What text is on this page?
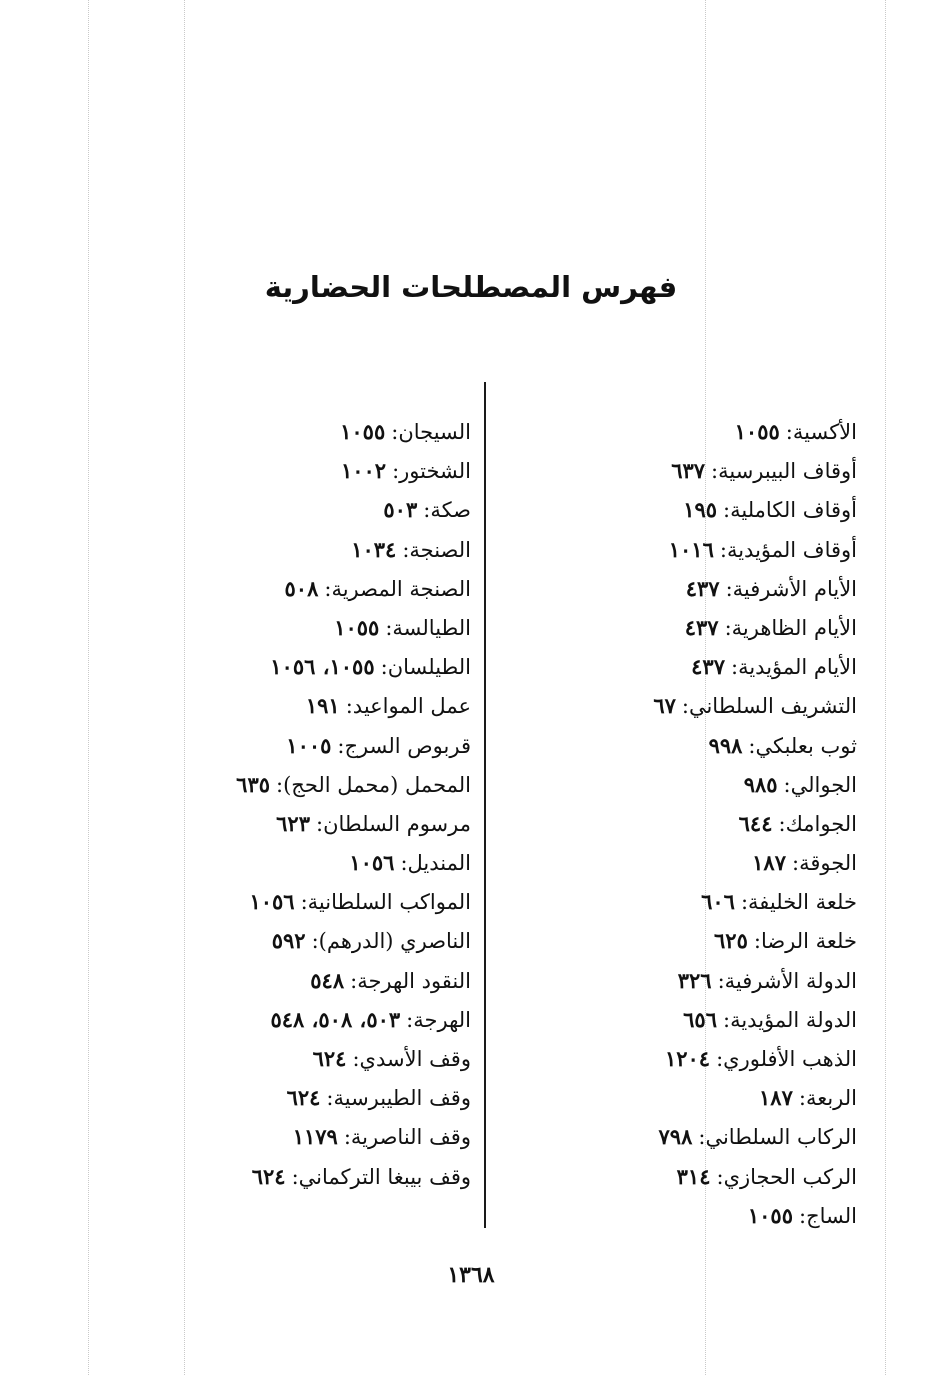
فهرس المصطلحات الحضارية
الأكسية:١٠٥٥
أوقاف البيبرسية:٦٣٧
أوقاف الكاملية:١٩٥
أوقاف المؤيدية:١٠١٦
الأيام الأشرفية:٤٣٧
الأيام الظاهرية:٤٣٧
الأيام المؤيدية:٤٣٧
التشريف السلطاني:٦٧
ثوب بعلبكي:٩٩٨
الجوالي:٩٨٥
الجوامك:٦٤٤
الجوقة:١٨٧
خلعة الخليفة:٦٠٦
خلعة الرضا:٦٢٥
الدولة الأشرفية:٣٢٦
الدولة المؤيدية:٦٥٦
الذهب الأفلوري:١٢٠٤
الربعة:١٨٧
الركاب السلطاني:٧٩٨
الركب الحجازي:٣١٤
الساج:١٠٥٥
السيجان:١٠٥٥
الشختور:١٠٠٢
صكة:٥٠٣
الصنجة:١٠٣٤
الصنجة المصرية:٥٠٨
الطيالسة:١٠٥٥
الطيلسان:١٠٥٥، ١٠٥٦
عمل المواعيد:١٩١
قربوص السرج:١٠٠٥
المحمل (محمل الحج):٦٣٥
مرسوم السلطان:٦٢٣
المنديل:١٠٥٦
المواكب السلطانية:١٠٥٦
الناصري (الدرهم):٥٩٢
النقود الهرجة:٥٤٨
الهرجة:٥٠٣، ٥٠٨، ٥٤٨
وقف الأسدي:٦٢٤
وقف الطيبرسية:٦٢٤
وقف الناصرية:١١٧٩
وقف بيبغا التركماني:٦٢٤
١٣٦٨
